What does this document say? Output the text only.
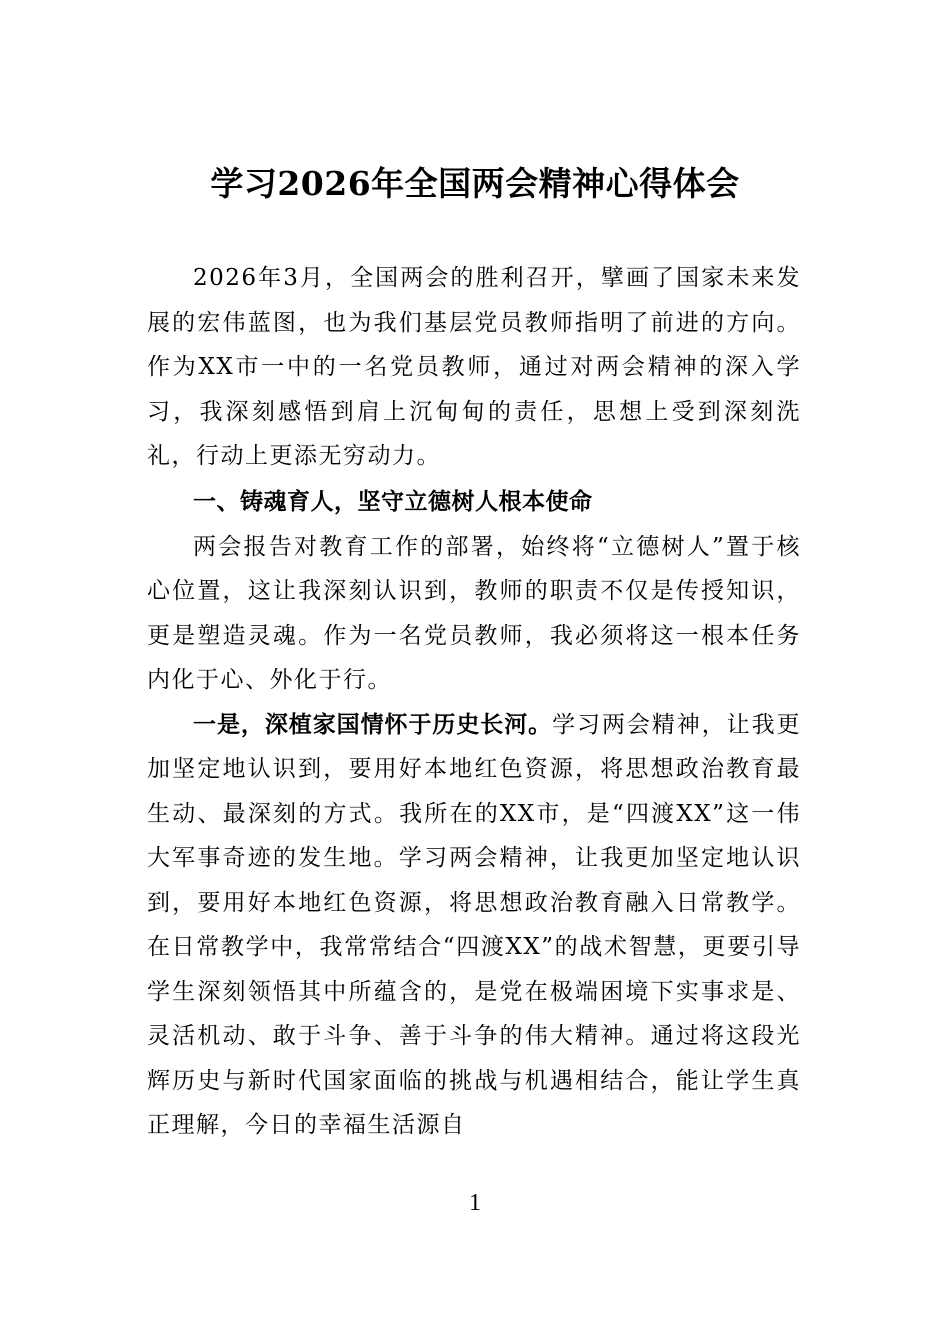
学习2026年全国两会精神心得体会

2026年3月，全国两会的胜利召开，擘画了国家未来发展的宏伟蓝图，也为我们基层党员教师指明了前进的方向。作为XX市一中的一名党员教师，通过对两会精神的深入学习，我深刻感悟到肩上沉甸甸的责任，思想上受到深刻洗礼，行动上更添无穷动力。

一、铸魂育人，坚守立德树人根本使命

两会报告对教育工作的部署，始终将“立德树人”置于核心位置，这让我深刻认识到，教师的职责不仅是传授知识，更是塑造灵魂。作为一名党员教师，我必须将这一根本任务内化于心、外化于行。

一是，深植家国情怀于历史长河。学习两会精神，让我更加坚定地认识到，要用好本地红色资源，将思想政治教育最生动、最深刻的方式。我所在的XX市，是“四渡XX”这一伟大军事奇迹的发生地。学习两会精神，让我更加坚定地认识到，要用好本地红色资源，将思想政治教育融入日常教学。在日常教学中，我常常结合“四渡XX”的战术智慧，更要引导学生深刻领悟其中所蕴含的，是党在极端困境下实事求是、灵活机动、敢于斗争、善于斗争的伟大精神。通过将这段光辉历史与新时代国家面临的挑战与机遇相结合，能让学生真正理解，今日的幸福生活源自

1
